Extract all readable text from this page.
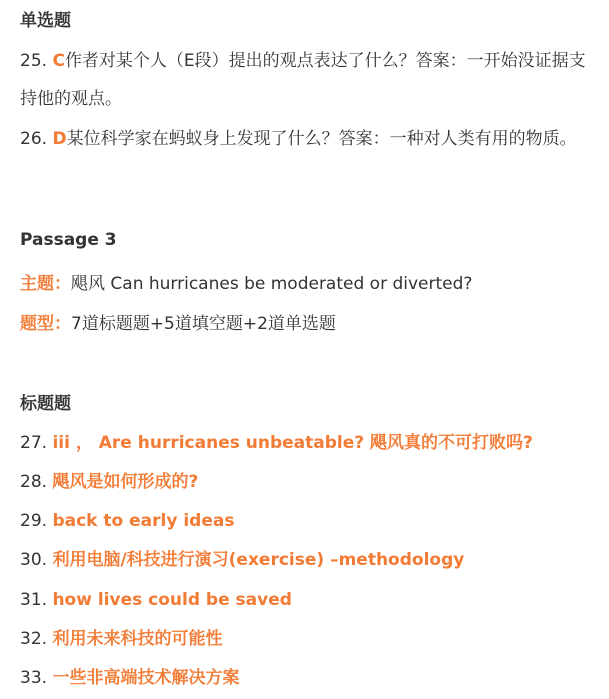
单选题
25. C作者对某个人（E段）提出的观点表达了什么？答案：一开始没证据支持他的观点。
26. D某位科学家在蚂蚁身上发现了什么？答案：一种对人类有用的物质。
Passage 3
主题：飓风 Can hurricanes be moderated or diverted?
题型：7道标题题+5道填空题+2道单选题
标题题
27. iii ， Are hurricanes unbeatable? 飓风真的不可打败吗?
28. 飓风是如何形成的?
29. back to early ideas
30. 利用电脑/科技进行演习(exercise) –methodology
31. how lives could be saved
32. 利用未来科技的可能性
33. 一些非高端技术解决方案
